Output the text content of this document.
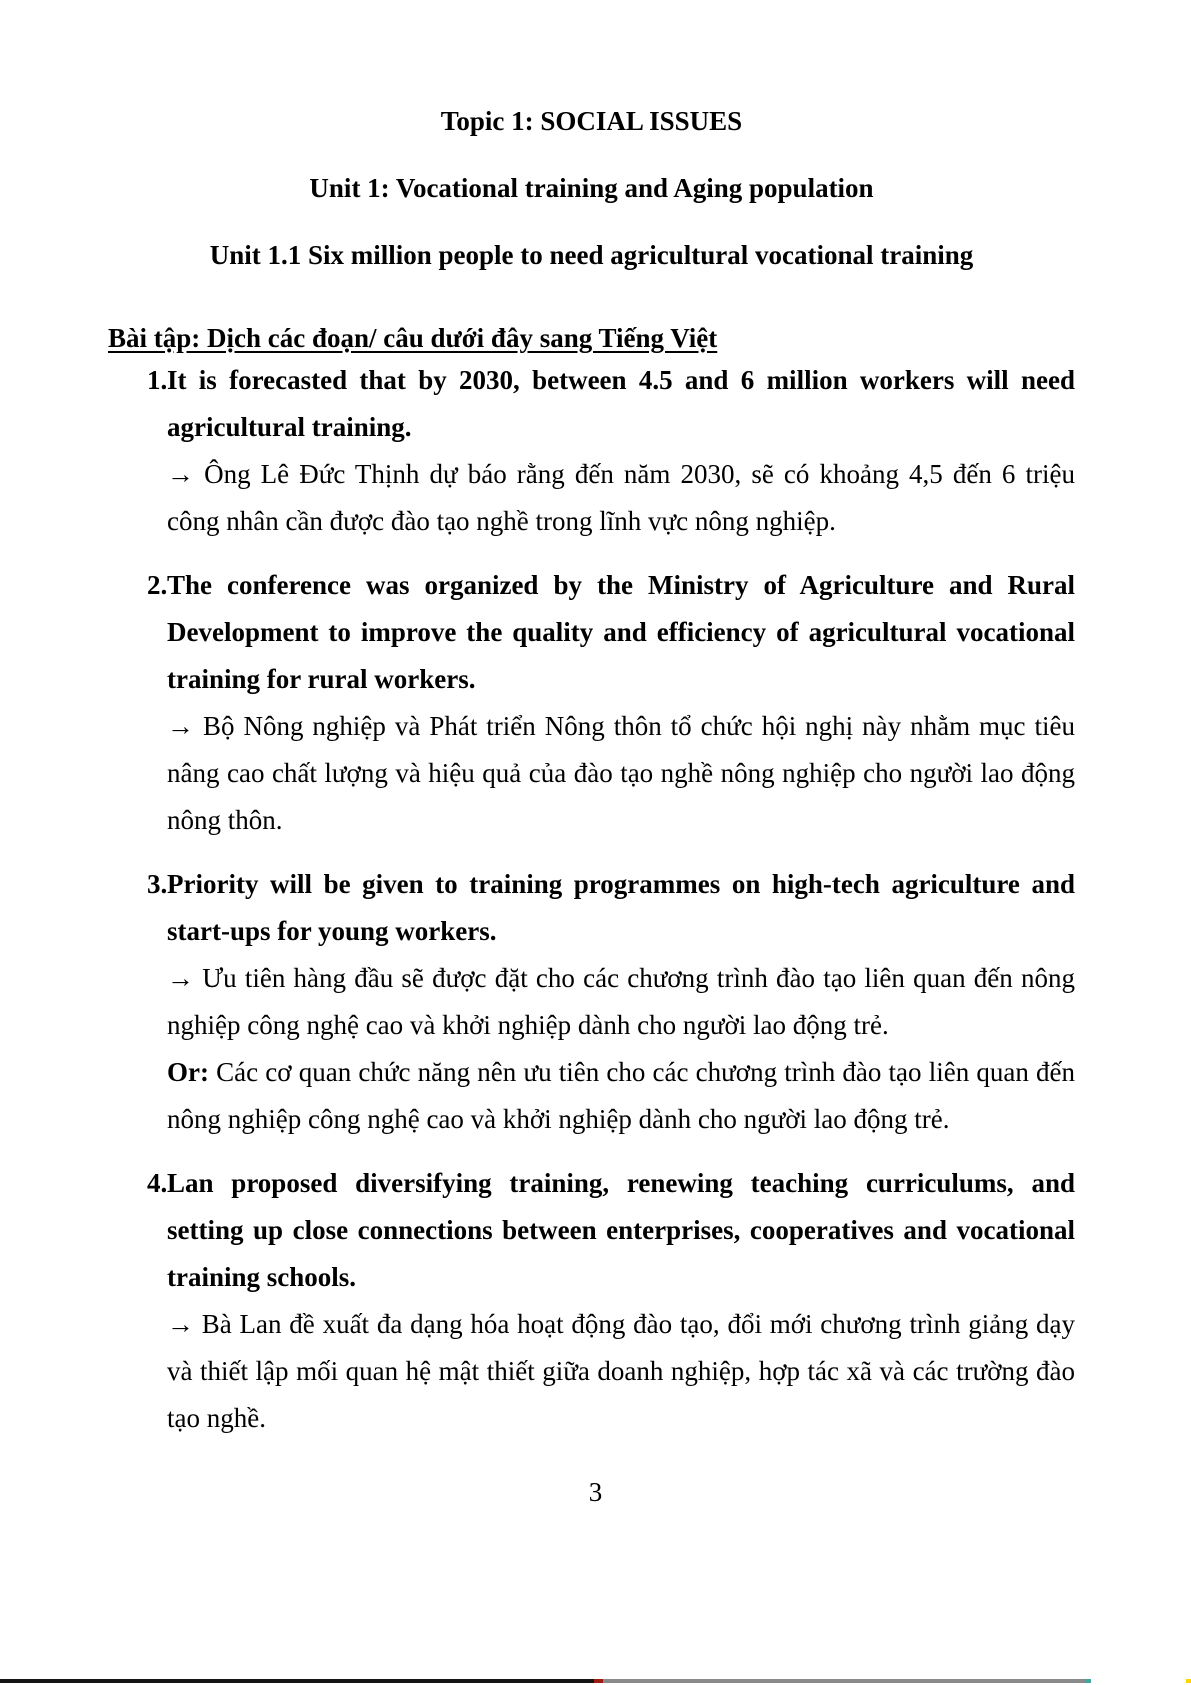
Topic 1: SOCIAL ISSUES

Unit 1: Vocational training and Aging population

Unit 1.1 Six million people to need agricultural vocational training

Bài tập: Dịch các đoạn/ câu dưới đây sang Tiếng Việt

1. It is forecasted that by 2030, between 4.5 and 6 million workers will need agricultural training.

→ Ông Lê Đức Thịnh dự báo rằng đến năm 2030, sẽ có khoảng 4,5 đến 6 triệu công nhân cần được đào tạo nghề trong lĩnh vực nông nghiệp.

2. The conference was organized by the Ministry of Agriculture and Rural Development to improve the quality and efficiency of agricultural vocational training for rural workers.

→ Bộ Nông nghiệp và Phát triển Nông thôn tổ chức hội nghị này nhằm mục tiêu nâng cao chất lượng và hiệu quả của đào tạo nghề nông nghiệp cho người lao động nông thôn.

3. Priority will be given to training programmes on high-tech agriculture and start-ups for young workers.

→ Ưu tiên hàng đầu sẽ được đặt cho các chương trình đào tạo liên quan đến nông nghiệp công nghệ cao và khởi nghiệp dành cho người lao động trẻ.

Or: Các cơ quan chức năng nên ưu tiên cho các chương trình đào tạo liên quan đến nông nghiệp công nghệ cao và khởi nghiệp dành cho người lao động trẻ.

4. Lan proposed diversifying training, renewing teaching curriculums, and setting up close connections between enterprises, cooperatives and vocational training schools.

→ Bà Lan đề xuất đa dạng hóa hoạt động đào tạo, đổi mới chương trình giảng dạy và thiết lập mối quan hệ mật thiết giữa doanh nghiệp, hợp tác xã và các trường đào tạo nghề.

3
